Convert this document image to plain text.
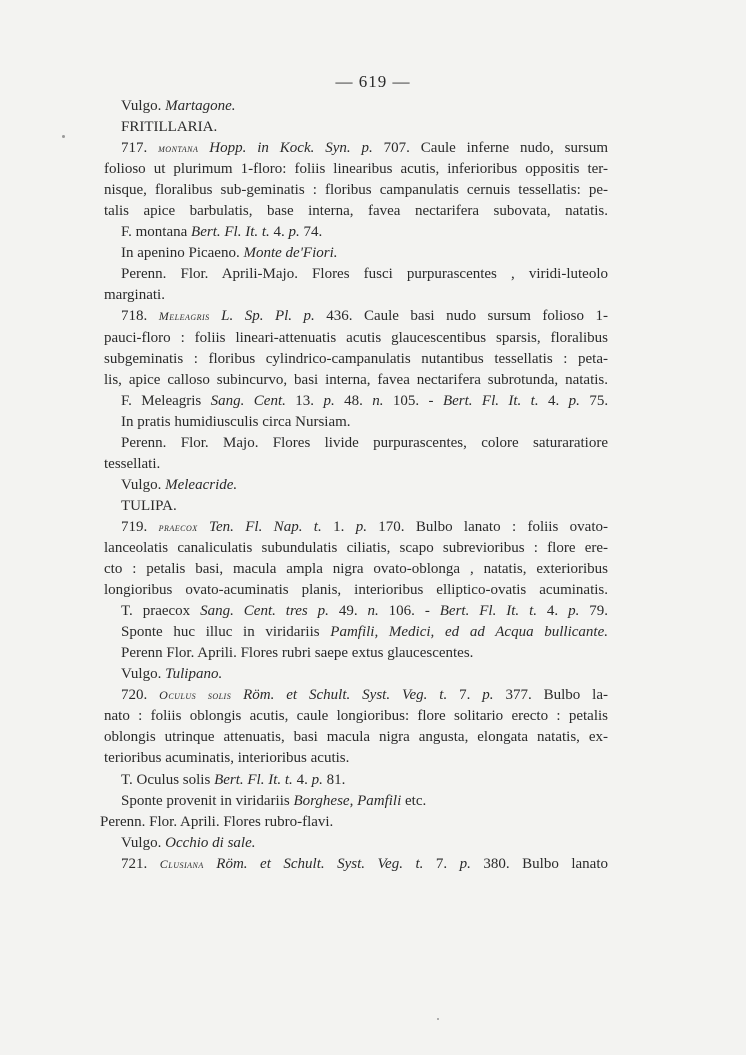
— 619 —
Vulgo. Martagone.
FRITILLARIA.
717. montana Hopp. in Kock. Syn. p. 707. Caule inferne nudo, sursum
folioso ut plurimum 1-floro: foliis linearibus acutis, inferioribus oppositis ter-
nisque, floralibus sub-geminatis : floribus campanulatis cernuis tessellatis: pe-
talis apice barbulatis, base interna, favea nectarifera subovata, natatis.
F. montana Bert. Fl. It. t. 4. p. 74.
In apenino Picaeno. Monte de'Fiori.
Perenn. Flor. Aprili-Majo. Flores fusci purpurascentes , viridi-luteolo
marginati.
718. Meleagris L. Sp. Pl. p. 436. Caule basi nudo sursum folioso 1-
pauci-floro : foliis lineari-attenuatis acutis glaucescentibus sparsis, floralibus
subgeminatis : floribus cylindrico-campanulatis nutantibus tessellatis : peta-
lis, apice calloso subincurvo, basi interna, favea nectarifera subrotunda, natatis.
F. Meleagris Sang. Cent. 13. p. 48. n. 105. - Bert. Fl. It. t. 4. p. 75.
In pratis humidiusculis circa Nursiam.
Perenn. Flor. Majo. Flores livide purpurascentes, colore saturaratiore
tessellati.
Vulgo. Meleacride.
TULIPA.
719. praecox Ten. Fl. Nap. t. 1. p. 170. Bulbo lanato : foliis ovato-
lanceolatis canaliculatis subundulatis ciliatis, scapo subrevioribus : flore ere-
cto : petalis basi, macula ampla nigra ovato-oblonga , natatis, exterioribus
longioribus ovato-acuminatis planis, interioribus elliptico-ovatis acuminatis.
T. praecox Sang. Cent. tres p. 49. n. 106. - Bert. Fl. It. t. 4. p. 79.
Sponte huc illuc in viridariis Pamfili, Medici, ed ad Acqua bullicante.
Perenn Flor. Aprili. Flores rubri saepe extus glaucescentes.
Vulgo. Tulipano.
720. Oculus solis Röm. et Schult. Syst. Veg. t. 7. p. 377. Bulbo la-
nato : foliis oblongis acutis, caule longioribus: flore solitario erecto : petalis
oblongis utrinque attenuatis, basi macula nigra angusta, elongata natatis, ex-
terioribus acuminatis, interioribus acutis.
T. Oculus solis Bert. Fl. It. t. 4. p. 81.
Sponte provenit in viridariis Borghese, Pamfili etc.
Perenn. Flor. Aprili. Flores rubro-flavi.
Vulgo. Occhio di sale.
721. Clusiana Röm. et Schult. Syst. Veg. t. 7. p. 380. Bulbo lanato
